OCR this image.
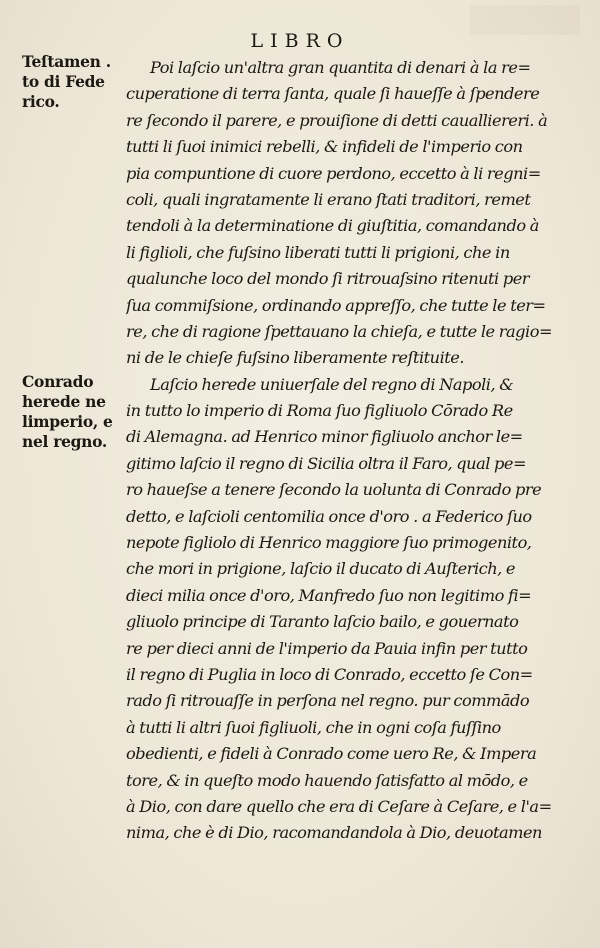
LIBRO
Teſtamen .
to di Fede
rico.
Conrado
herede ne
limperio, e
nel regno.
Poi laſcio un'altra gran quantita di denari à la re=
cuperatione di terra ſanta, quale ſi haueſſe à ſpendere
re ſecondo il parere, e prouiſione di detti caualliereri. à
tutti li ſuoi inimici rebelli, & infideli de l'imperio con
pia compuntione di cuore perdono, eccetto à li regni=
coli, quali ingratamente li erano ſtati traditori, remet
tendoli à la determinatione di giuſtitia, comandando à
li figlioli, che fuſsino liberati tutti li prigioni, che in
qualunche loco del mondo ſi ritrouaſsino ritenuti per
ſua commiſsione, ordinando appreſſo, che tutte le ter=
re, che di ragione ſpettauano la chieſa, e tutte le ragio=
ni de le chieſe fuſsino liberamente reſtituite.
Laſcio herede uniuerſale del regno di Napoli, &
in tutto lo imperio di Roma ſuo figliuolo Cōrado Re
di Alemagna. ad Henrico minor figliuolo anchor le=
gitimo laſcio il regno di Sicilia oltra il Faro, qual pe=
ro haueſse a tenere ſecondo la uolunta di Conrado pre
detto, e laſcioli centomilia once d'oro . a Federico ſuo
nepote figliolo di Henrico maggiore ſuo primogenito,
che mori in prigione, laſcio il ducato di Auſterich, e
dieci milia once d'oro, Manfredo ſuo non legitimo fi=
gliuolo principe di Taranto laſcio bailo, e gouernato
re per dieci anni de l'imperio da Pauia infin per tutto
il regno di Puglia in loco di Conrado, eccetto ſe Con=
rado ſi ritrouaſſe in perſona nel regno. pur commādo
à tutti li altri ſuoi figliuoli, che in ogni coſa fuſſino
obedienti, e fideli à Conrado come uero Re, & Impera
tore, & in queſto modo hauendo ſatisfatto al mōdo, e
à Dio, con dare quello che era di Ceſare à Ceſare, e l'a=
nima, che è di Dio, racomandandola à Dio, deuotamen
